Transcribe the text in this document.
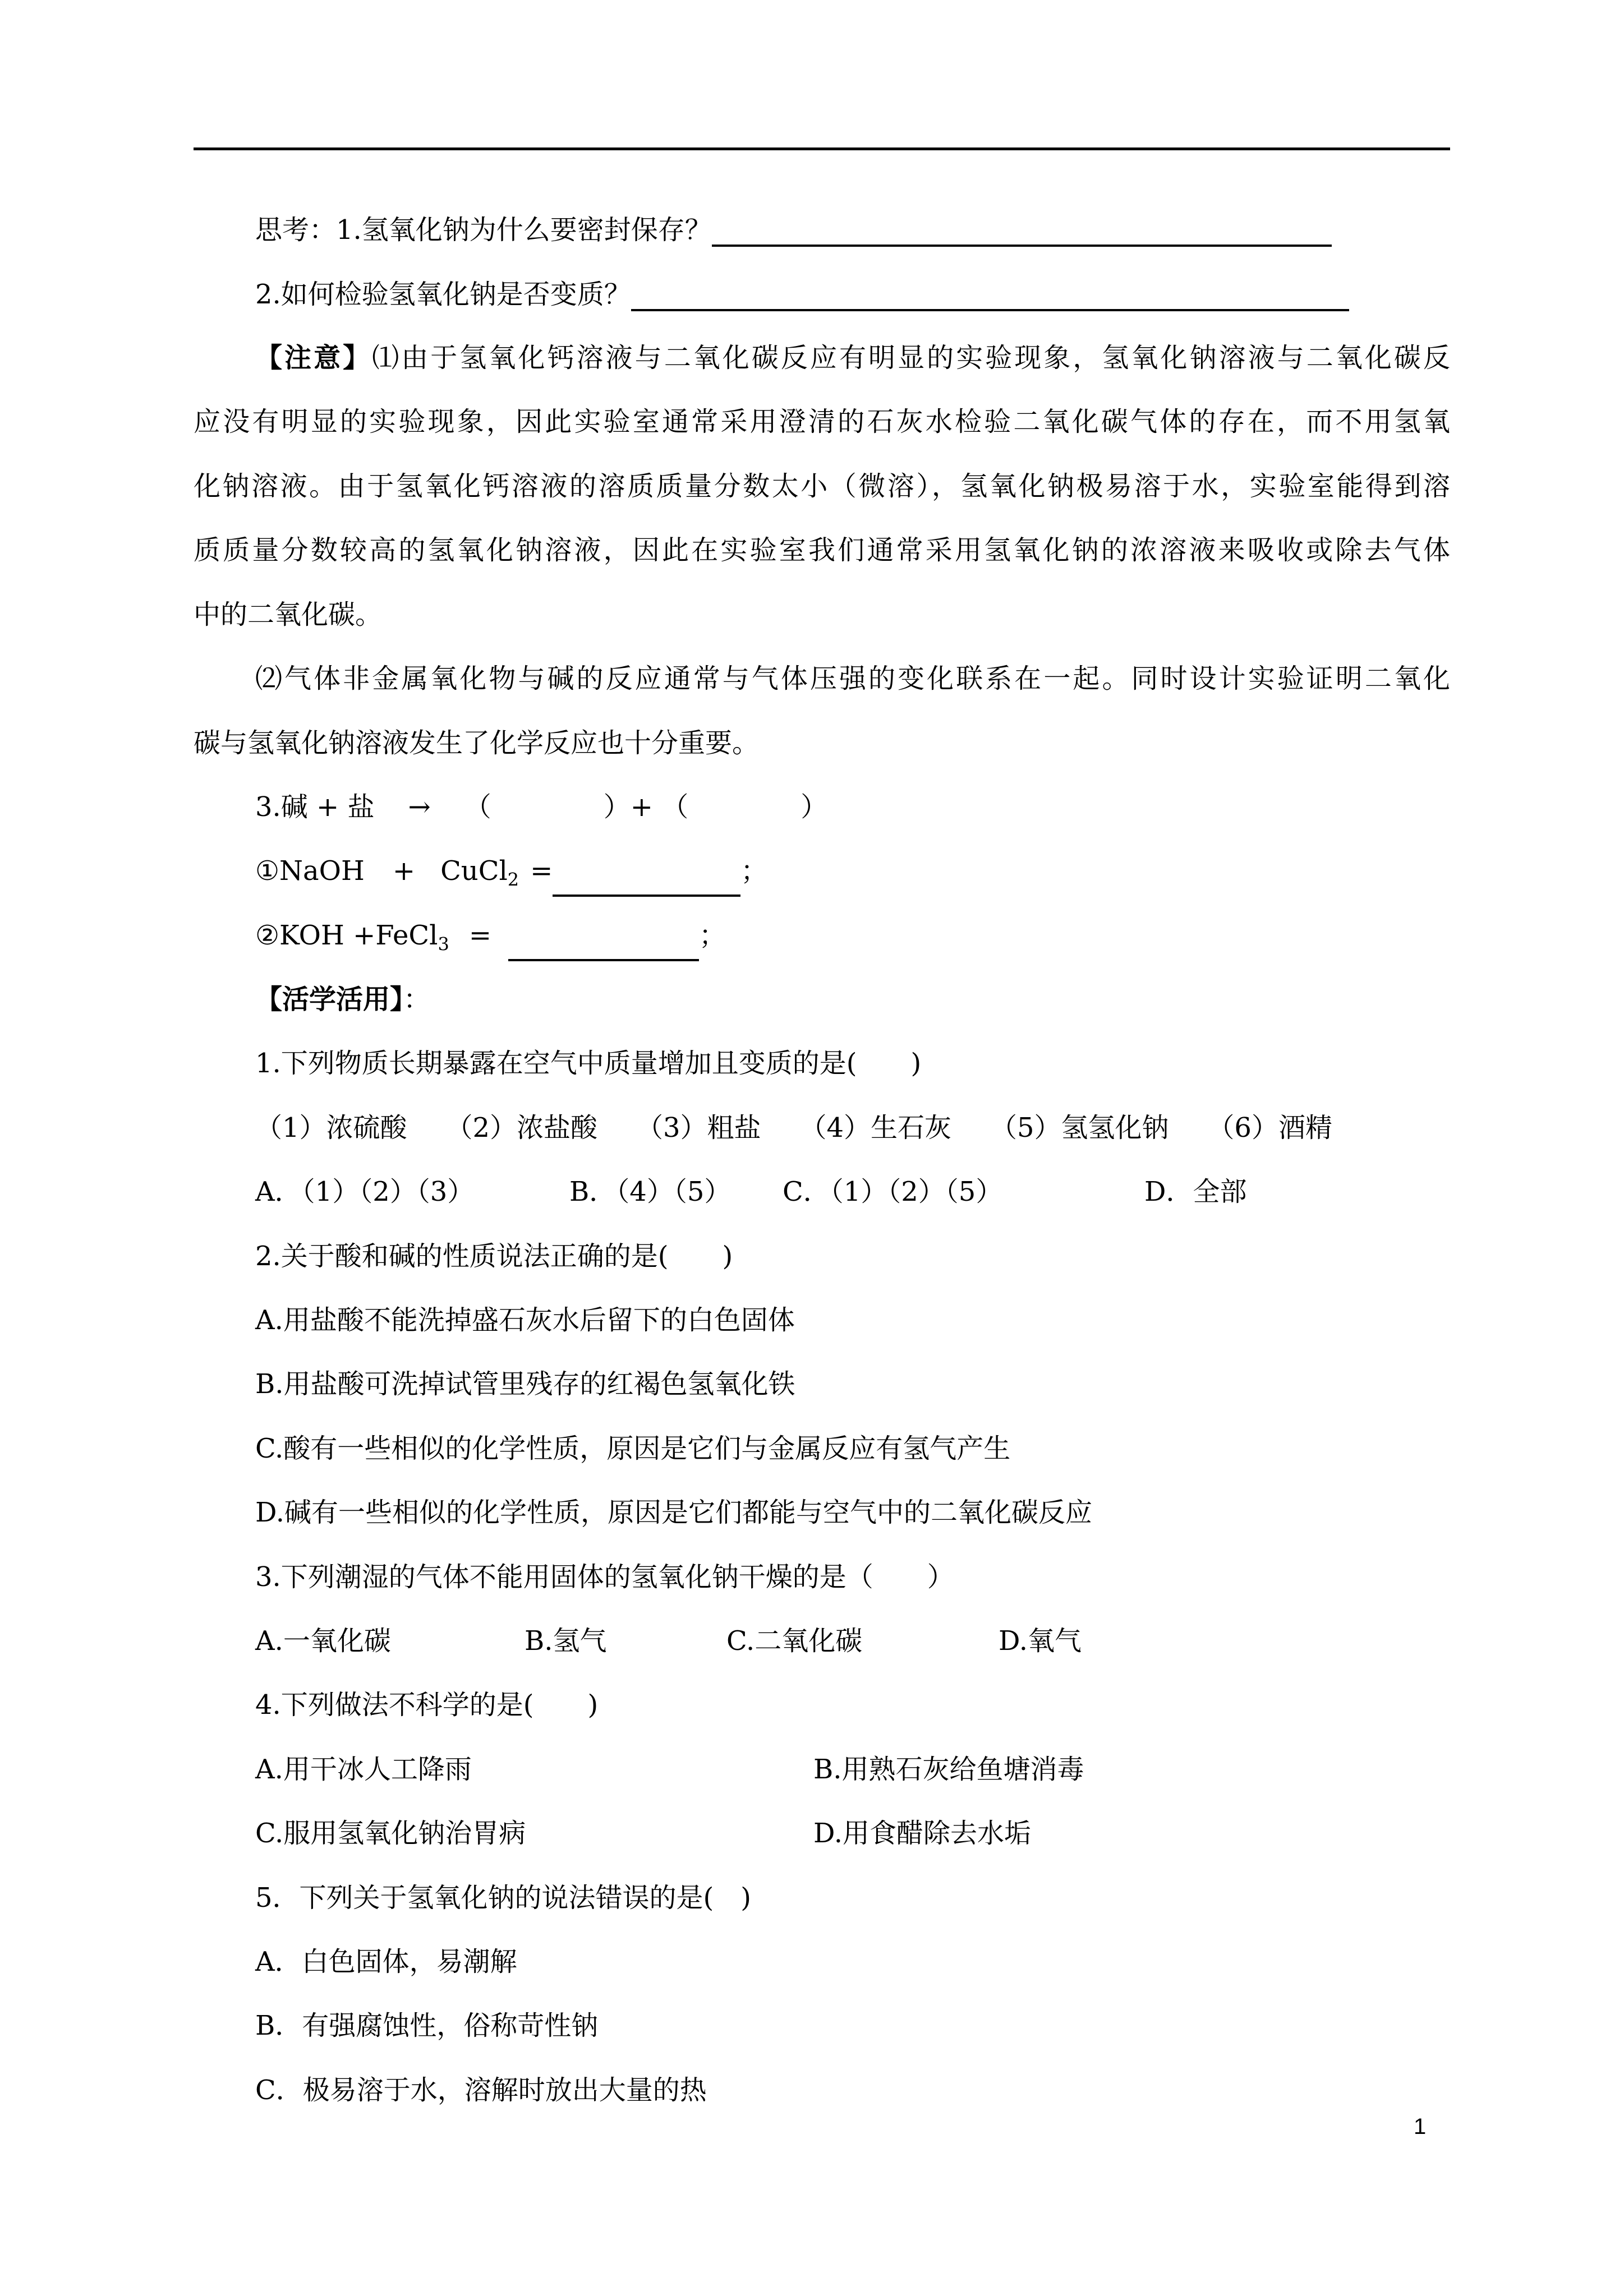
思考：1.氢氧化钠为什么要密封保存？
2.如何检验氢氧化钠是否变质？
【注意】⑴由于氢氧化钙溶液与二氧化碳反应有明显的实验现象，氢氧化钠溶液与二氧化碳反
应没有明显的实验现象，因此实验室通常采用澄清的石灰水检验二氧化碳气体的存在，而不用氢氧
化钠溶液。由于氢氧化钙溶液的溶质质量分数太小（微溶），氢氧化钠极易溶于水，实验室能得到溶
质质量分数较高的氢氧化钠溶液，因此在实验室我们通常采用氢氧化钠的浓溶液来吸收或除去气体
中的二氧化碳。
⑵气体非金属氧化物与碱的反应通常与气体压强的变化联系在一起。同时设计实验证明二氧化
碳与氢氧化钠溶液发生了化学反应也十分重要。
3.碱 + 盐 → （	）+ （	）
①NaOH + CuCl$_2$ =	；
②KOH +FeCl$_3$ =	；
【活学活用】：
1.下列物质长期暴露在空气中质量增加且变质的是(　　)
（1）浓硫酸 （2）浓盐酸 （3）粗盐 （4）生石灰 （5）氢氢化钠 （6）酒精
A．（1）（2）（3）	B．（4）（5） C．（1）（2）（5）	D．全部
2.关于酸和碱的性质说法正确的是(　　)
A.用盐酸不能洗掉盛石灰水后留下的白色固体
B.用盐酸可洗掉试管里残存的红褐色氢氧化铁
C.酸有一些相似的化学性质，原因是它们与金属反应有氢气产生
D.碱有一些相似的化学性质，原因是它们都能与空气中的二氧化碳反应
3.下列潮湿的气体不能用固体的氢氧化钠干燥的是（　　）
A.一氧化碳	B.氢气	C.二氧化碳	D.氧气
4.下列做法不科学的是(　　)
A.用干冰人工降雨	B.用熟石灰给鱼塘消毒
C.服用氢氧化钠治胃病	D.用食醋除去水垢
5．下列关于氢氧化钠的说法错误的是(　)
A．白色固体，易潮解
B．有强腐蚀性，俗称苛性钠
C．极易溶于水，溶解时放出大量的热
1
